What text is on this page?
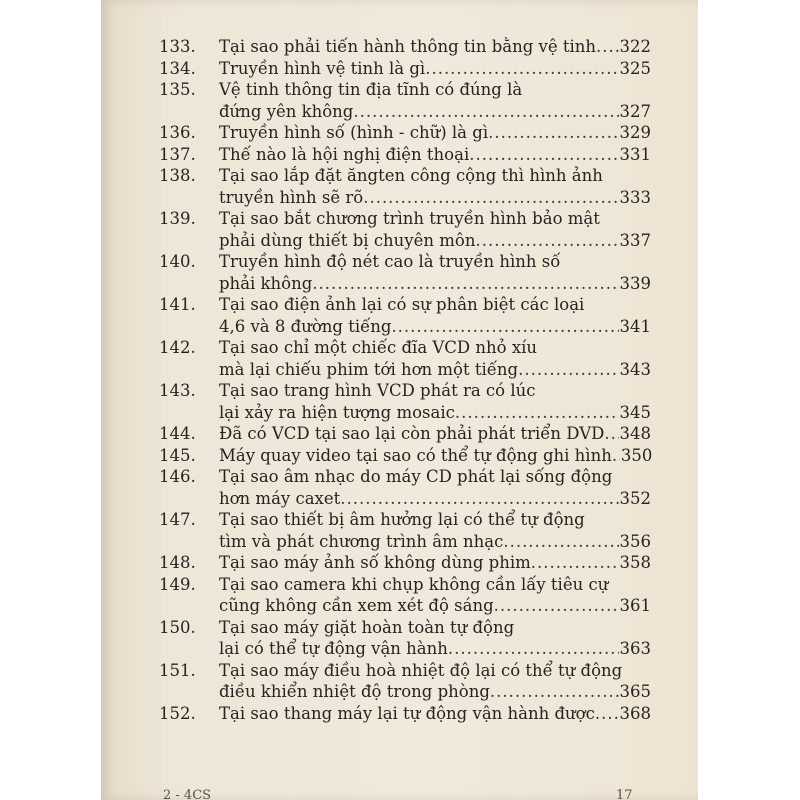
133.	Tại sao phải tiến hành thông tin bằng vệ tinh ..... 322
134.	Truyền hình vệ tinh là gì .....	325
135.	Vệ tinh thông tin địa tĩnh có đúng là
đứng yên không .....	327
136.	Truyền hình số (hình - chữ) là gì .....	329
137.	Thế nào là hội nghị điện thoại .....	331
138.	Tại sao lắp đặt ăngten công cộng thì hình ảnh
truyền hình sẽ rõ .....	333
139.	Tại sao bắt chương trình truyền hình bảo mật
phải dùng thiết bị chuyên môn .....	337
140.	Truyền hình độ nét cao là truyền hình số
phải không .....	339
141.	Tại sao điện ảnh lại có sự phân biệt các loại
4,6 và 8 đường tiếng .....	341
142.	Tại sao chỉ một chiếc đĩa VCD nhỏ xíu
mà lại chiếu phim tới hơn một tiếng .....	343
143.	Tại sao trang hình VCD phát ra có lúc
lại xảy ra hiện tượng mosaic .....	345
144.	Đã có VCD tại sao lại còn phải phát triển DVD ..... 348
145.	Máy quay video tại sao có thể tự động ghi hình ..... 350
146.	Tại sao âm nhạc do máy CD phát lại sống động
hơn máy caxet .....	352
147.	Tại sao thiết bị âm hưởng lại có thể tự động
tìm và phát chương trình âm nhạc .....	356
148.	Tại sao máy ảnh số không dùng phim .....	358
149.	Tại sao camera khi chụp không cần lấy tiêu cự
cũng không cần xem xét độ sáng .....	361
150.	Tại sao máy giặt hoàn toàn tự động
lại có thể tự động vận hành .....	363
151.	Tại sao máy điều hoà nhiệt độ lại có thể tự động
điều khiển nhiệt độ trong phòng .....	365
152.	Tại sao thang máy lại tự động vận hành được ..... 368
2 - 4CS	17
